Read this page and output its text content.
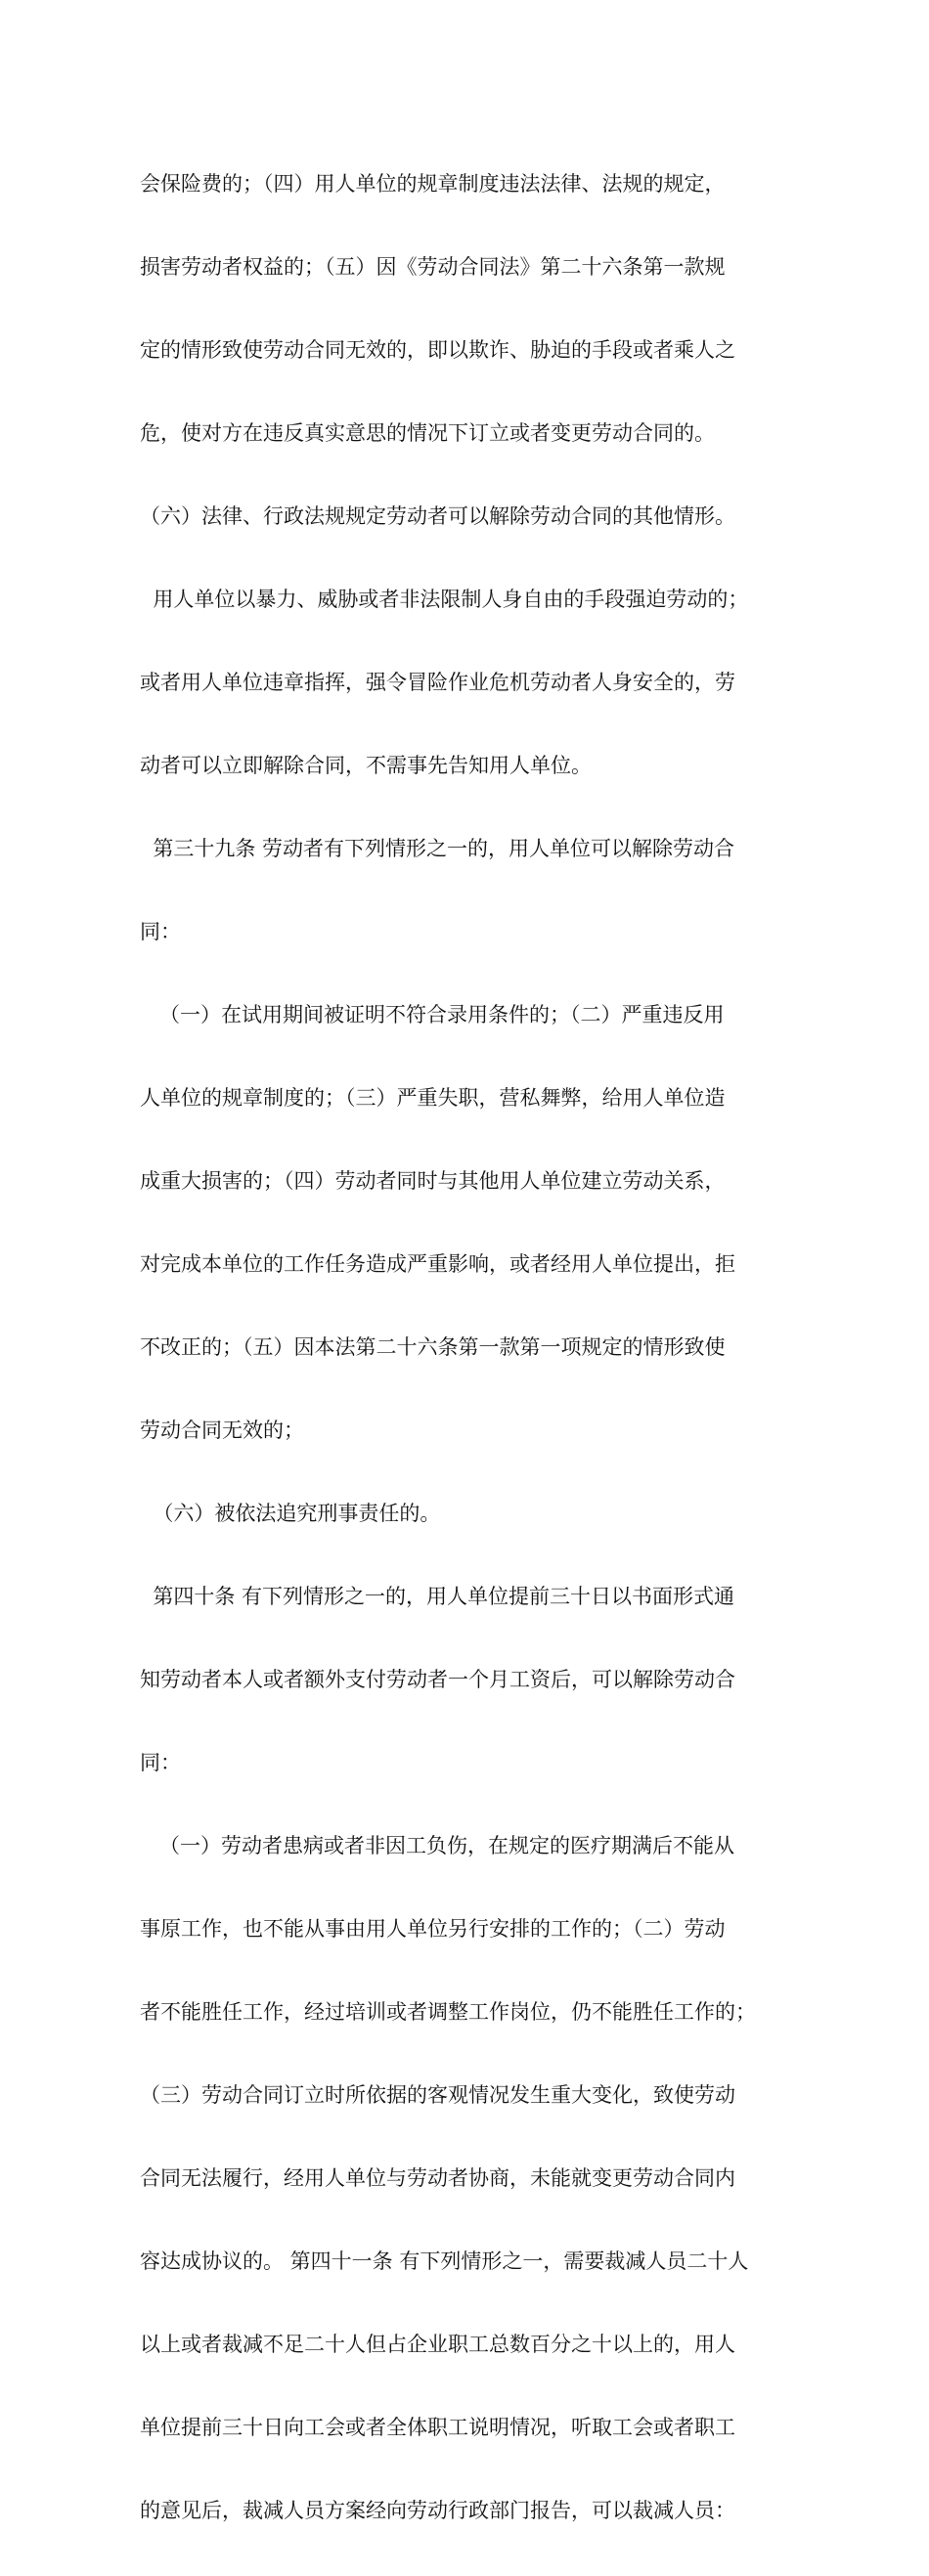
会保险费的；（四）用人单位的规章制度违法法律、法规的规定，

损害劳动者权益的；（五）因《劳动合同法》第二十六条第一款规

定的情形致使劳动合同无效的，即以欺诈、胁迫的手段或者乘人之

危，使对方在违反真实意思的情况下订立或者变更劳动合同的。

（六）法律、行政法规规定劳动者可以解除劳动合同的其他情形。

用人单位以暴力、威胁或者非法限制人身自由的手段强迫劳动的；

或者用人单位违章指挥，强令冒险作业危机劳动者人身安全的，劳

动者可以立即解除合同，不需事先告知用人单位。

第三十九条 劳动者有下列情形之一的，用人单位可以解除劳动合

同：

（一）在试用期间被证明不符合录用条件的；（二）严重违反用

人单位的规章制度的；（三）严重失职，营私舞弊，给用人单位造

成重大损害的；（四）劳动者同时与其他用人单位建立劳动关系，

对完成本单位的工作任务造成严重影响，或者经用人单位提出，拒

不改正的；（五）因本法第二十六条第一款第一项规定的情形致使

劳动合同无效的；

（六）被依法追究刑事责任的。

第四十条 有下列情形之一的，用人单位提前三十日以书面形式通

知劳动者本人或者额外支付劳动者一个月工资后，可以解除劳动合

同：

（一）劳动者患病或者非因工负伤，在规定的医疗期满后不能从

事原工作，也不能从事由用人单位另行安排的工作的；（二）劳动

者不能胜任工作，经过培训或者调整工作岗位，仍不能胜任工作的；

（三）劳动合同订立时所依据的客观情况发生重大变化，致使劳动

合同无法履行，经用人单位与劳动者协商，未能就变更劳动合同内

容达成协议的。 第四十一条 有下列情形之一，需要裁减人员二十人

以上或者裁减不足二十人但占企业职工总数百分之十以上的，用人

单位提前三十日向工会或者全体职工说明情况，听取工会或者职工

的意见后，裁减人员方案经向劳动行政部门报告，可以裁减人员：
